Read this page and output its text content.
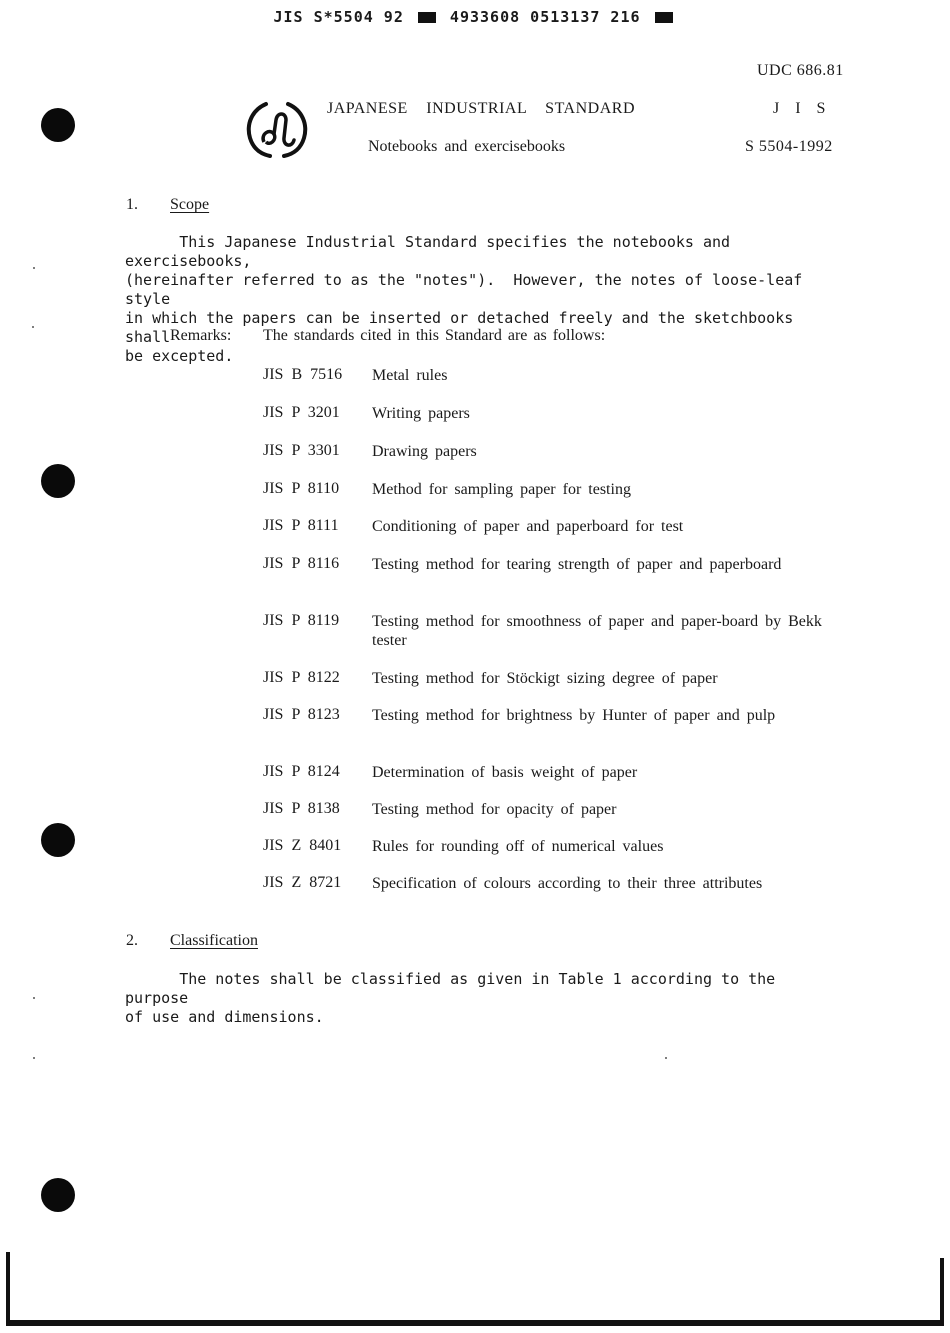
JIS S*5504 92	4933608 0513137 216
UDC 686.81
JAPANESE INDUSTRIAL STANDARD	J I S
Notebooks and exercisebooks	S 5504-1992
1. Scope
This Japanese Industrial Standard specifies the notebooks and exercisebooks,
(hereinafter referred to as the "notes").  However, the notes of loose-leaf style
in which the papers can be inserted or detached freely and the sketchbooks shall
be excepted.
Remarks: The standards cited in this Standard are as follows:
JIS B 7516 Metal rules
JIS P 3201 Writing papers
JIS P 3301 Drawing papers
JIS P 8110 Method for sampling paper for testing
JIS P 8111 Conditioning of paper and paperboard for test
JIS P 8116 Testing method for tearing strength of paper and paperboard
JIS P 8119 Testing method for smoothness of paper and paper-board by Bekk tester
JIS P 8122 Testing method for Stöckigt sizing degree of paper
JIS P 8123 Testing method for brightness by Hunter of paper and pulp
JIS P 8124 Determination of basis weight of paper
JIS P 8138 Testing method for opacity of paper
JIS Z 8401 Rules for rounding off of numerical values
JIS Z 8721 Specification of colours according to their three attributes
2. Classification
The notes shall be classified as given in Table 1 according to the purpose
of use and dimensions.
